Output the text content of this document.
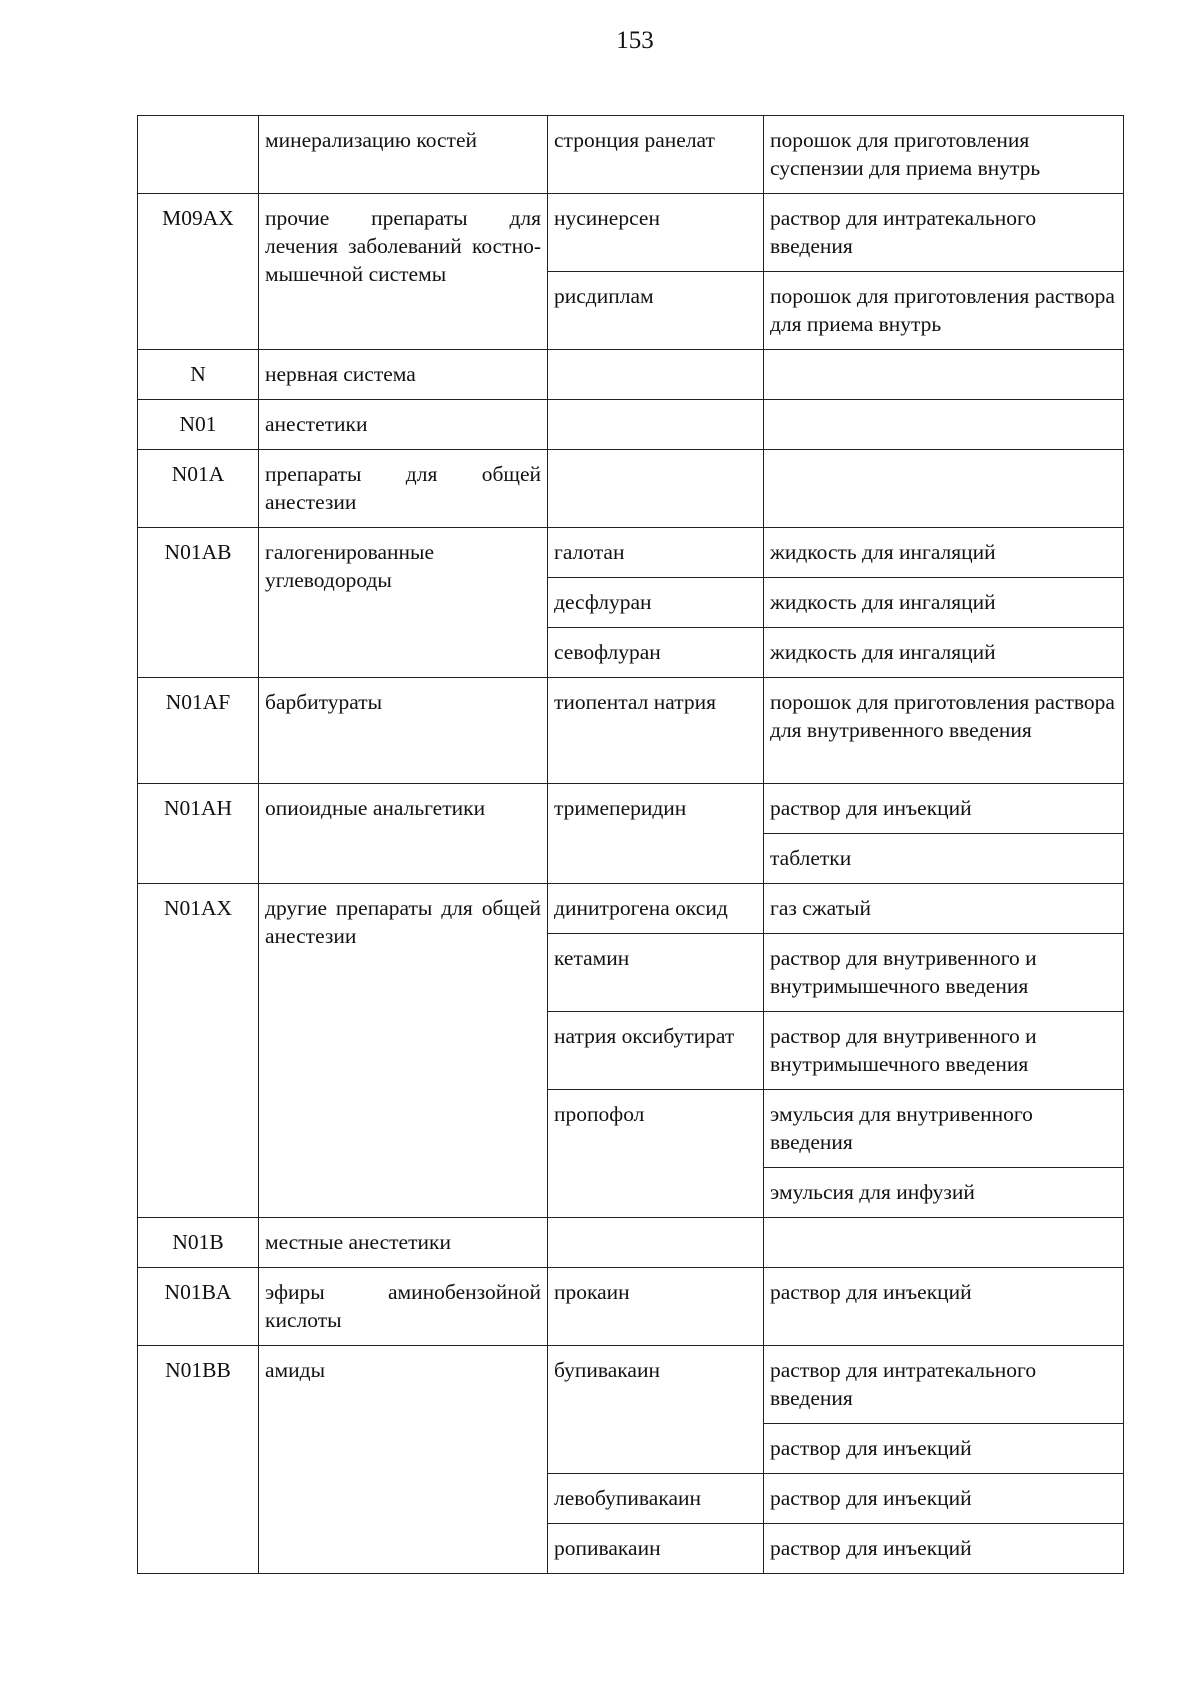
153
	минерализацию костей	стронция ранелат	порошок для приготовления суспензии для приема внутрь
M09AX	прочие препараты для лечения заболеваний костно-мышечной системы	нусинерсен	раствор для интратекального введения
		рисдиплам	порошок для приготовления раствора для приема внутрь
N	нервная система		
N01	анестетики		
N01A	препараты для общей анестезии		
N01AB	галогенированные углеводороды	галотан	жидкость для ингаляций
		десфлуран	жидкость для ингаляций
		севофлуран	жидкость для ингаляций
N01AF	барбитураты	тиопентал натрия	порошок для приготовления раствора для внутривенного введения
N01AH	опиоидные анальгетики	тримеперидин	раствор для инъекций
			таблетки
N01AX	другие препараты для общей анестезии	динитрогена оксид	газ сжатый
		кетамин	раствор для внутривенного и внутримышечного введения
		натрия оксибутират	раствор для внутривенного и внутримышечного введения
		пропофол	эмульсия для внутривенного введения
			эмульсия для инфузий
N01B	местные анестетики		
N01BA	эфиры аминобензойной кислоты	прокаин	раствор для инъекций
N01BB	амиды	бупивакаин	раствор для интратекального введения
			раствор для инъекций
		левобупивакаин	раствор для инъекций
		ропивакаин	раствор для инъекций
